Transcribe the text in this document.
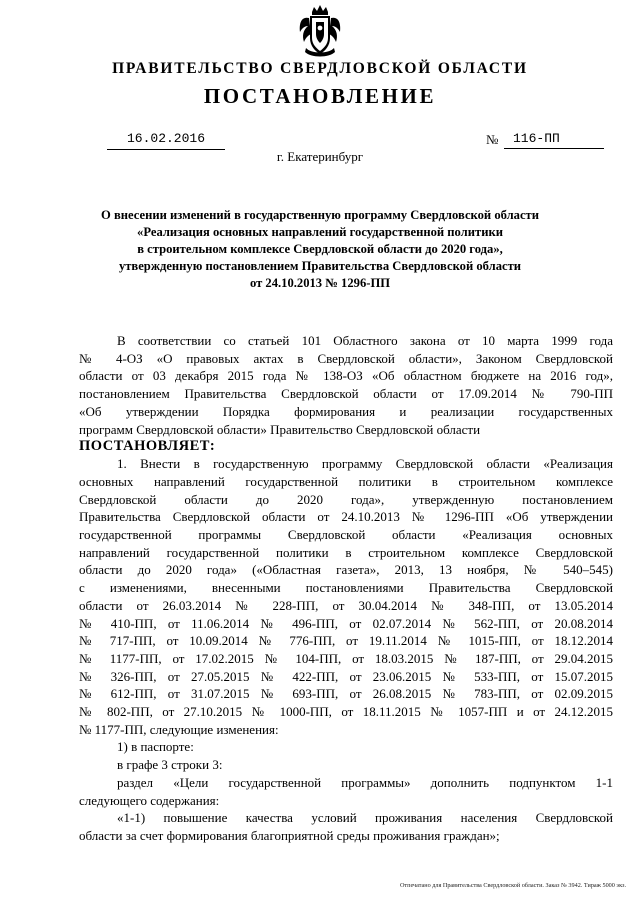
ПРАВИТЕЛЬСТВО СВЕРДЛОВСКОЙ ОБЛАСТИ
ПОСТАНОВЛЕНИЕ
16.02.2016	№	116-ПП
г. Екатеринбург
О внесении изменений в государственную программу Свердловской области
«Реализация основных направлений государственной политики
в строительном комплексе Свердловской области до 2020 года»,
утвержденную постановлением Правительства Свердловской области
от 24.10.2013 № 1296-ПП
В соответствии со статьей 101 Областного закона от 10 марта 1999 года
№ 4-ОЗ «О правовых актах в Свердловской области», Законом Свердловской
области от 03 декабря 2015 года № 138-ОЗ «Об областном бюджете на 2016 год»,
постановлением Правительства Свердловской области от 17.09.2014 № 790-ПП
«Об утверждении Порядка формирования и реализации государственных
программ Свердловской области» Правительство Свердловской области
ПОСТАНОВЛЯЕТ:
1. Внести в государственную программу Свердловской области «Реализация
основных направлений государственной политики в строительном комплексе
Свердловской области до 2020 года», утвержденную постановлением
Правительства Свердловской области от 24.10.2013 № 1296-ПП «Об утверждении
государственной программы Свердловской области «Реализация основных
направлений государственной политики в строительном комплексе Свердловской
области до 2020 года» («Областная газета», 2013, 13 ноября, № 540–545)
с изменениями, внесенными постановлениями Правительства Свердловской
области от 26.03.2014 № 228-ПП, от 30.04.2014 № 348-ПП, от 13.05.2014
№ 410-ПП, от 11.06.2014 № 496-ПП, от 02.07.2014 № 562-ПП, от 20.08.2014
№ 717-ПП, от 10.09.2014 № 776-ПП, от 19.11.2014 № 1015-ПП, от 18.12.2014
№ 1177-ПП, от 17.02.2015 № 104-ПП, от 18.03.2015 № 187-ПП, от 29.04.2015
№ 326-ПП, от 27.05.2015 № 422-ПП, от 23.06.2015 № 533-ПП, от 15.07.2015
№ 612-ПП, от 31.07.2015 № 693-ПП, от 26.08.2015 № 783-ПП, от 02.09.2015
№ 802-ПП, от 27.10.2015 № 1000-ПП, от 18.11.2015 № 1057-ПП и от 24.12.2015
№ 1177-ПП, следующие изменения:
1) в паспорте:
в графе 3 строки 3:
раздел «Цели государственной программы» дополнить подпунктом 1-1
следующего содержания:
«1-1) повышение качества условий проживания населения Свердловской
области за счет формирования благоприятной среды проживания граждан»;
Отпечатано для Правительства Свердловской области. Заказ № 3942. Тираж 5000 экз.
